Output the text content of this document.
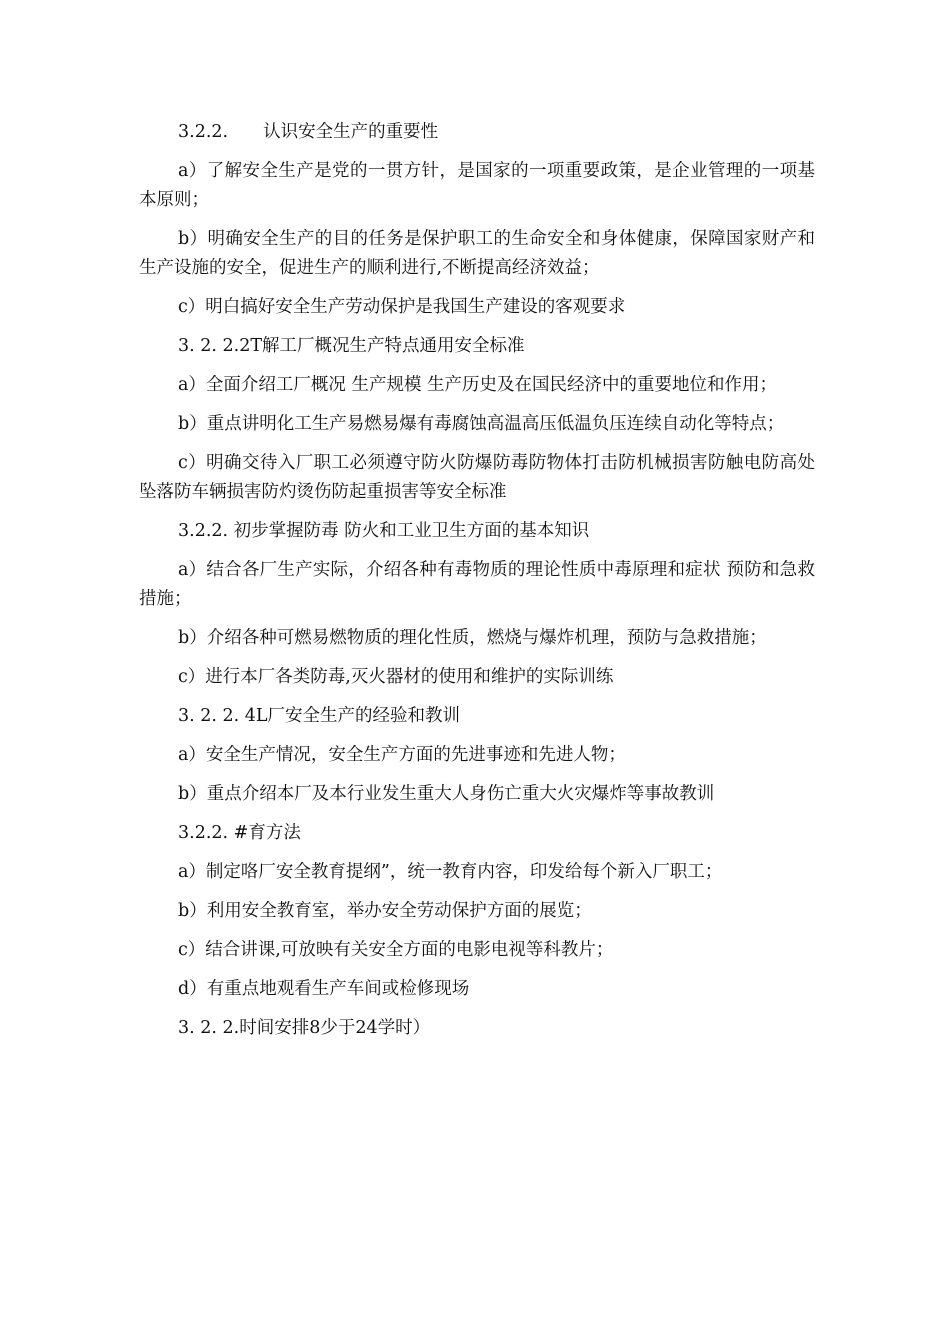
3.2.2.　　认识安全生产的重要性

a）了解安全生产是党的一贯方针，是国家的一项重要政策，是企业管理的一项基本原则；

b）明确安全生产的目的任务是保护职工的生命安全和身体健康，保障国家财产和生产设施的安全，促进生产的顺利进行,不断提高经济效益；

c）明白搞好安全生产劳动保护是我国生产建设的客观要求

3. 2. 2.2T解工厂概况生产特点通用安全标准

a）全面介绍工厂概况 生产规模 生产历史及在国民经济中的重要地位和作用；

b）重点讲明化工生产易燃易爆有毒腐蚀高温高压低温负压连续自动化等特点；

c）明确交待入厂职工必须遵守防火防爆防毒防物体打击防机械损害防触电防高处坠落防车辆损害防灼烫伤防起重损害等安全标准

3.2.2. 初步掌握防毒 防火和工业卫生方面的基本知识

a）结合各厂生产实际，介绍各种有毒物质的理论性质中毒原理和症状 预防和急救措施；

b）介绍各种可燃易燃物质的理化性质，燃烧与爆炸机理，预防与急救措施；

c）进行本厂各类防毒,灭火器材的使用和维护的实际训练

3. 2. 2. 4L厂安全生产的经验和教训

a）安全生产情况，安全生产方面的先进事迹和先进人物；

b）重点介绍本厂及本行业发生重大人身伤亡重大火灾爆炸等事故教训

3.2.2. #育方法

a）制定咯厂安全教育提纲”，统一教育内容，印发给每个新入厂职工；

b）利用安全教育室，举办安全劳动保护方面的展览；

c）结合讲课,可放映有关安全方面的电影电视等科教片；

d）有重点地观看生产车间或检修现场

3. 2. 2.时间安排8少于24学时）
